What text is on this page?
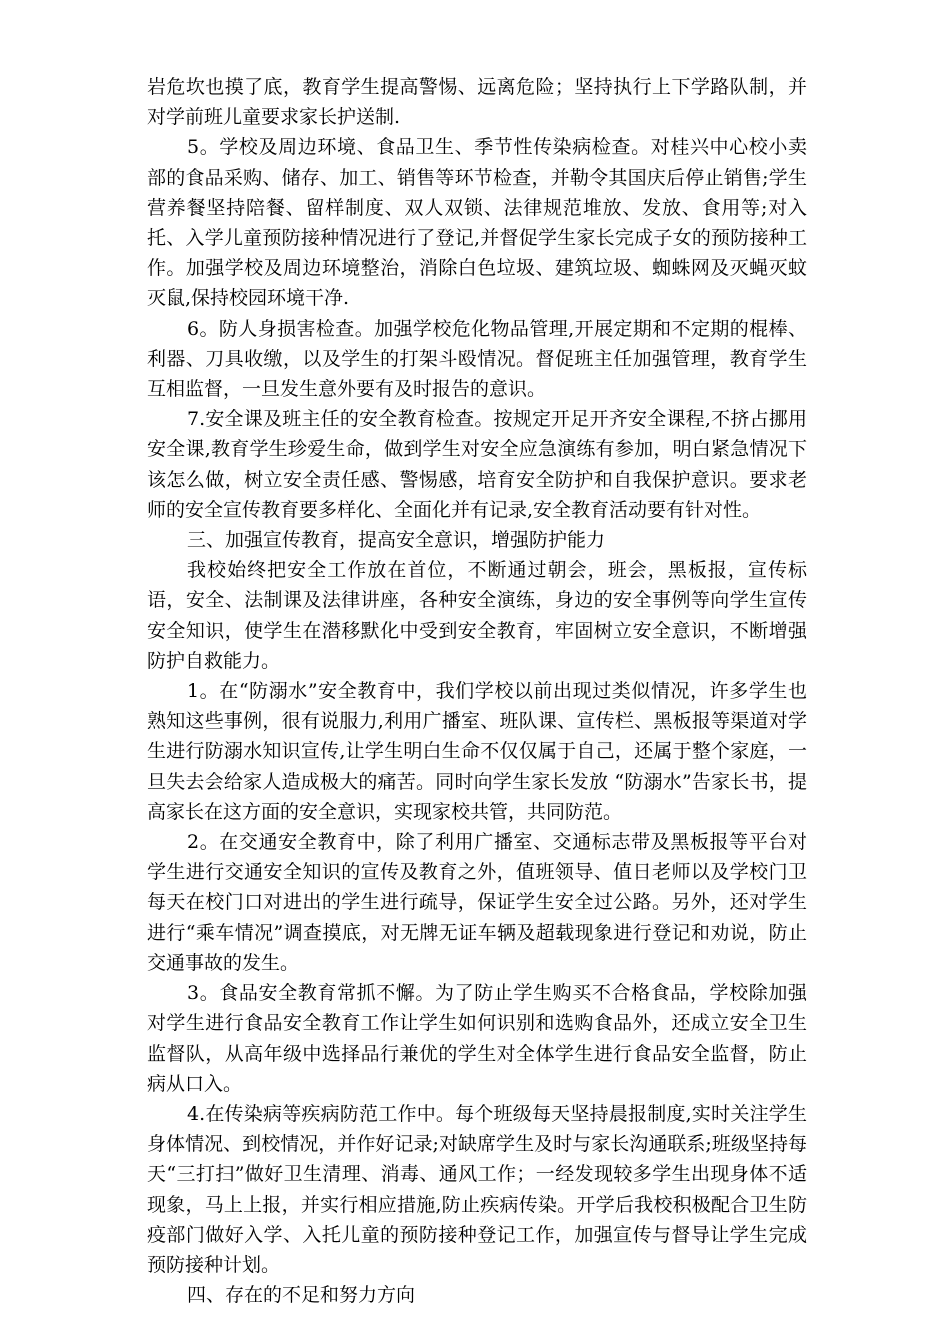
岩危坎也摸了底，教育学生提高警惕、远离危险；坚持执行上下学路队制，并对学前班儿童要求家长护送制.

5。学校及周边环境、食品卫生、季节性传染病检查。对桂兴中心校小卖部的食品采购、储存、加工、销售等环节检查，并勒令其国庆后停止销售;学生营养餐坚持陪餐、留样制度、双人双锁、法律规范堆放、发放、食用等;对入托、入学儿童预防接种情况进行了登记,并督促学生家长完成子女的预防接种工作。加强学校及周边环境整治，消除白色垃圾、建筑垃圾、蜘蛛网及灭蝇灭蚊灭鼠,保持校园环境干净.

6。防人身损害检查。加强学校危化物品管理,开展定期和不定期的棍棒、利器、刀具收缴，以及学生的打架斗殴情况。督促班主任加强管理，教育学生互相监督，一旦发生意外要有及时报告的意识。

7.安全课及班主任的安全教育检查。按规定开足开齐安全课程,不挤占挪用安全课,教育学生珍爱生命，做到学生对安全应急演练有参加，明白紧急情况下该怎么做，树立安全责任感、警惕感，培育安全防护和自我保护意识。要求老师的安全宣传教育要多样化、全面化并有记录,安全教育活动要有针对性。

三、加强宣传教育，提高安全意识，增强防护能力

我校始终把安全工作放在首位，不断通过朝会，班会，黑板报，宣传标语，安全、法制课及法律讲座，各种安全演练，身边的安全事例等向学生宣传安全知识，使学生在潜移默化中受到安全教育，牢固树立安全意识，不断增强防护自救能力。

1。在“防溺水”安全教育中，我们学校以前出现过类似情况，许多学生也熟知这些事例，很有说服力,利用广播室、班队课、宣传栏、黑板报等渠道对学生进行防溺水知识宣传,让学生明白生命不仅仅属于自己，还属于整个家庭，一旦失去会给家人造成极大的痛苦。同时向学生家长发放 “防溺水”告家长书，提高家长在这方面的安全意识，实现家校共管，共同防范。

2。在交通安全教育中，除了利用广播室、交通标志带及黑板报等平台对学生进行交通安全知识的宣传及教育之外，值班领导、值日老师以及学校门卫每天在校门口对进出的学生进行疏导，保证学生安全过公路。另外，还对学生进行“乘车情况”调查摸底，对无牌无证车辆及超载现象进行登记和劝说，防止交通事故的发生。

3。食品安全教育常抓不懈。为了防止学生购买不合格食品，学校除加强对学生进行食品安全教育工作让学生如何识别和选购食品外，还成立安全卫生监督队，从高年级中选择品行兼优的学生对全体学生进行食品安全监督，防止病从口入。

4.在传染病等疾病防范工作中。每个班级每天坚持晨报制度,实时关注学生身体情况、到校情况，并作好记录;对缺席学生及时与家长沟通联系;班级坚持每天“三打扫”做好卫生清理、消毒、通风工作；一经发现较多学生出现身体不适现象，马上上报，并实行相应措施,防止疾病传染。开学后我校积极配合卫生防疫部门做好入学、入托儿童的预防接种登记工作，加强宣传与督导让学生完成预防接种计划。

四、存在的不足和努力方向
